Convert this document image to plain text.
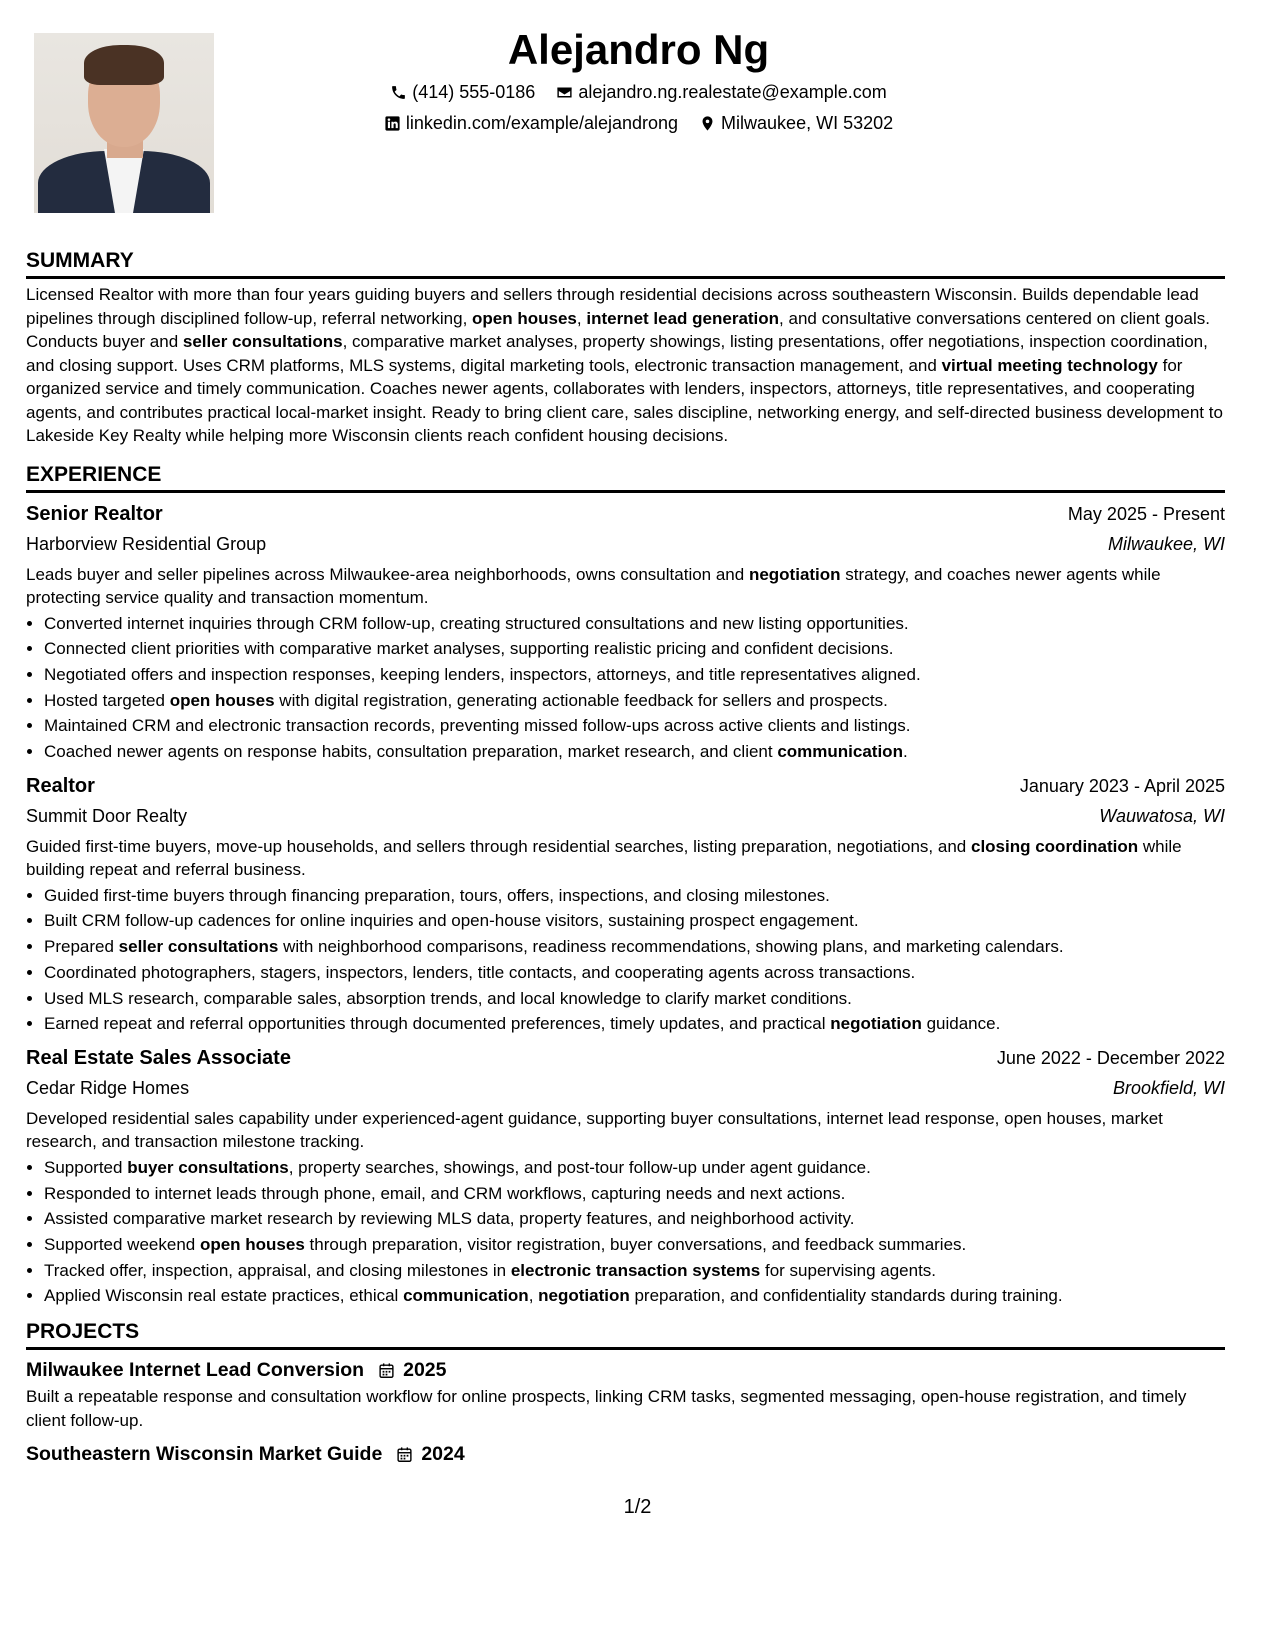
Alejandro Ng
(414) 555-0186
alejandro.ng.realestate@example.com
linkedin.com/example/alejandrong
Milwaukee, WI 53202
SUMMARY

Licensed Realtor with more than four years guiding buyers and sellers through residential decisions across southeastern Wisconsin. Builds dependable lead pipelines through disciplined follow-up, referral networking, open houses, internet lead generation, and consultative conversations centered on client goals. Conducts buyer and seller consultations, comparative market analyses, property showings, listing presentations, offer negotiations, inspection coordination, and closing support. Uses CRM platforms, MLS systems, digital marketing tools, electronic transaction management, and virtual meeting technology for organized service and timely communication. Coaches newer agents, collaborates with lenders, inspectors, attorneys, title representatives, and cooperating agents, and contributes practical local-market insight. Ready to bring client care, sales discipline, networking energy, and self-directed business development to Lakeside Key Realty while helping more Wisconsin clients reach confident housing decisions.

EXPERIENCE
Senior Realtor	May 2025 - Present
Harborview Residential Group	Milwaukee, WI

Leads buyer and seller pipelines across Milwaukee-area neighborhoods, owns consultation and negotiation strategy, and coaches newer agents while protecting service quality and transaction momentum.

• Converted internet inquiries through CRM follow-up, creating structured consultations and new listing opportunities.
• Connected client priorities with comparative market analyses, supporting realistic pricing and confident decisions.
• Negotiated offers and inspection responses, keeping lenders, inspectors, attorneys, and title representatives aligned.
• Hosted targeted open houses with digital registration, generating actionable feedback for sellers and prospects.
• Maintained CRM and electronic transaction records, preventing missed follow-ups across active clients and listings.
• Coached newer agents on response habits, consultation preparation, market research, and client communication.
Realtor	January 2023 - April 2025
Summit Door Realty	Wauwatosa, WI

Guided first-time buyers, move-up households, and sellers through residential searches, listing preparation, negotiations, and closing coordination while building repeat and referral business.

• Guided first-time buyers through financing preparation, tours, offers, inspections, and closing milestones.
• Built CRM follow-up cadences for online inquiries and open-house visitors, sustaining prospect engagement.
• Prepared seller consultations with neighborhood comparisons, readiness recommendations, showing plans, and marketing calendars.
• Coordinated photographers, stagers, inspectors, lenders, title contacts, and cooperating agents across transactions.
• Used MLS research, comparable sales, absorption trends, and local knowledge to clarify market conditions.
• Earned repeat and referral opportunities through documented preferences, timely updates, and practical negotiation guidance.
Real Estate Sales Associate	June 2022 - December 2022
Cedar Ridge Homes	Brookfield, WI

Developed residential sales capability under experienced-agent guidance, supporting buyer consultations, internet lead response, open houses, market research, and transaction milestone tracking.

• Supported buyer consultations, property searches, showings, and post-tour follow-up under agent guidance.
• Responded to internet leads through phone, email, and CRM workflows, capturing needs and next actions.
• Assisted comparative market research by reviewing MLS data, property features, and neighborhood activity.
• Supported weekend open houses through preparation, visitor registration, buyer conversations, and feedback summaries.
• Tracked offer, inspection, appraisal, and closing milestones in electronic transaction systems for supervising agents.
• Applied Wisconsin real estate practices, ethical communication, negotiation preparation, and confidentiality standards during training.
PROJECTS
Milwaukee Internet Lead Conversion 2025

Built a repeatable response and consultation workflow for online prospects, linking CRM tasks, segmented messaging, open-house registration, and timely client follow-up.

Southeastern Wisconsin Market Guide 2024
1/2
